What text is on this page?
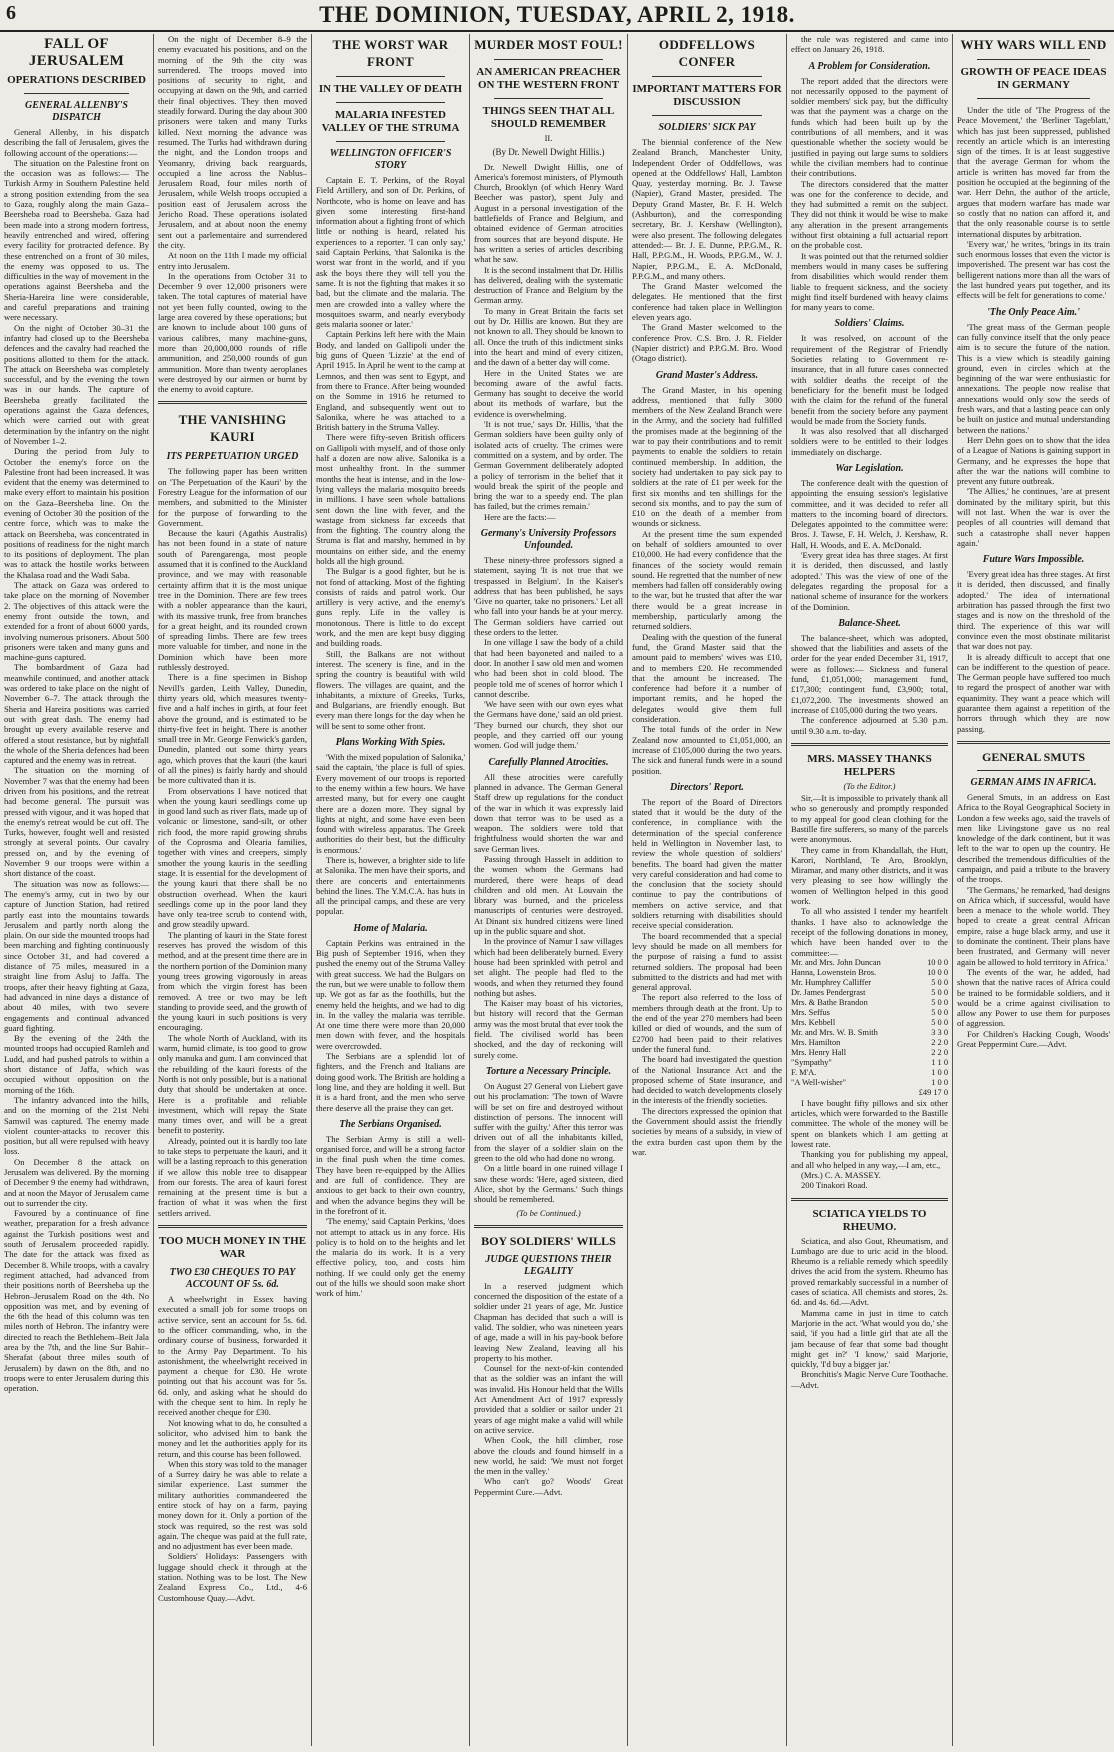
6	THE DOMINION, TUESDAY, APRIL 2, 1918.
FALL OF JERUSALEM
OPERATIONS DESCRIBED
GENERAL ALLENBY'S DISPATCH

General Allenby, in his dispatch describing the fall of Jerusalem, gives the following account of the operations:—

The situation on the Palestine front on the occasion was as follows:— The Turkish Army in Southern Palestine held a strong position extending from the sea to Gaza, roughly along the main Gaza–Beersheba road to Beersheba. Gaza had been made into a strong modern fortress, heavily entrenched and wired, offering every facility for protracted defence. By these entrenched on a front of 30 miles, the enemy was opposed to us. The difficulties in the way of movement in the operations against Beersheba and the Sheria-Hareira line were considerable, and careful preparations and training were necessary.

On the night of October 30–31 the infantry had closed up to the Beersheba defences and the cavalry had reached the positions allotted to them for the attack. The attack on Beersheba was completely successful, and by the evening the town was in our hands. The capture of Beersheba greatly facilitated the operations against the Gaza defences, which were carried out with great determination by the infantry on the night of November 1–2.

During the period from July to October the enemy's force on the Palestine front had been increased. It was evident that the enemy was determined to make every effort to maintain his position on the Gaza–Beersheba line. On the evening of October 30 the position of the centre force, which was to make the attack on Beersheba, was concentrated in positions of readiness for the night march to its positions of deployment. The plan was to attack the hostile works between the Khalasa road and the Wadi Saba.

The attack on Gaza was ordered to take place on the morning of November 2. The objectives of this attack were the enemy front outside the town, and extended for a front of about 6000 yards, involving numerous prisoners. About 500 prisoners were taken and many guns and machine-guns captured.

The bombardment of Gaza had meanwhile continued, and another attack was ordered to take place on the night of November 6–7. The attack through the Sheria and Hareira positions was carried out with great dash. The enemy had brought up every available reserve and offered a stout resistance, but by nightfall the whole of the Sheria defences had been captured and the enemy was in retreat.

The situation on the morning of November 7 was that the enemy had been driven from his positions, and the retreat had become general. The pursuit was pressed with vigour, and it was hoped that the enemy's retreat would be cut off. The Turks, however, fought well and resisted strongly at several points. Our cavalry pressed on, and by the evening of November 9 our troops were within a short distance of the coast.

The situation was now as follows:— The enemy's army, cut in two by our capture of Junction Station, had retired partly east into the mountains towards Jerusalem and partly north along the plain. On our side the mounted troops had been marching and fighting continuously since October 31, and had covered a distance of 75 miles, measured in a straight line from Asluj to Jaffa. The troops, after their heavy fighting at Gaza, had advanced in nine days a distance of about 40 miles, with two severe engagements and continual advanced guard fighting.

By the evening of the 24th the mounted troops had occupied Ramleh and Ludd, and had pushed patrols to within a short distance of Jaffa, which was occupied without opposition on the morning of the 16th.

The infantry advanced into the hills, and on the morning of the 21st Nebi Samwil was captured. The enemy made violent counter-attacks to recover this position, but all were repulsed with heavy loss.

On December 8 the attack on Jerusalem was delivered. By the morning of December 9 the enemy had withdrawn, and at noon the Mayor of Jerusalem came out to surrender the city.

Favoured by a continuance of fine weather, preparation for a fresh advance against the Turkish positions west and south of Jerusalem proceeded rapidly. The date for the attack was fixed as December 8. While troops, with a cavalry regiment attached, had advanced from their positions north of Beersheba up the Hebron–Jerusalem Road on the 4th. No opposition was met, and by evening of the 6th the head of this column was ten miles north of Hebron. The infantry were directed to reach the Bethlehem–Beit Jala area by the 7th, and the line Sur Bahir–Sherafat (about three miles south of Jerusalem) by dawn on the 8th, and no troops were to enter Jerusalem during this operation.

On the night of December 8–9 the enemy evacuated his positions, and on the morning of the 9th the city was surrendered. The troops moved into positions of security to right, and occupying at dawn on the 9th, and carried their final objectives. They then moved steadily forward. During the day about 300 prisoners were taken and many Turks killed. Next morning the advance was resumed. The Turks had withdrawn during the night, and the London troops and Yeomanry, driving back rearguards, occupied a line across the Nablus–Jerusalem Road, four miles north of Jerusalem, while Welsh troops occupied a position east of Jerusalem across the Jericho Road. These operations isolated Jerusalem, and at about noon the enemy sent out a parlementaire and surrendered the city.

At noon on the 11th I made my official entry into Jerusalem.

In the operations from October 31 to December 9 over 12,000 prisoners were taken. The total captures of material have not yet been fully counted, owing to the large area covered by these operations; but are known to include about 100 guns of various calibres, many machine-guns, more than 20,000,000 rounds of rifle ammunition, and 250,000 rounds of gun ammunition. More than twenty aeroplanes were destroyed by our airmen or burnt by the enemy to avoid capture.

THE VANISHING KAURI
ITS PERPETUATION URGED

The following paper has been written on 'The Perpetuation of the Kauri' by the Forestry League for the information of our members, and submitted to the Minister for the purpose of forwarding to the Government.

Because the kauri (Agathis Australis) has not been found in a state of nature south of Parengarenga, most people assumed that it is confined to the Auckland province, and we may with reasonable certainty affirm that it is the most unique tree in the Dominion. There are few trees with a nobler appearance than the kauri, with its massive trunk, free from branches for a great height, and its rounded crown of spreading limbs. There are few trees more valuable for timber, and none in the Dominion which have been more ruthlessly destroyed.

There is a fine specimen in Bishop Nevill's garden, Leith Valley, Dunedin, thirty years old, which measures twenty-five and a half inches in girth, at four feet above the ground, and is estimated to be thirty-five feet in height. There is another small tree in Mr. George Fenwick's garden, Dunedin, planted out some thirty years ago, which proves that the kauri (the kauri of all the pines) is fairly hardy and should be more cultivated than it is.

From observations I have noticed that when the young kauri seedlings come up in good land such as river flats, made up of volcanic or limestone, sand-silt, or other rich food, the more rapid growing shrubs of the Coprosma and Olearia families, together with vines and creepers, simply smother the young kauris in the seedling stage. It is essential for the development of the young kauri that there shall be no obstruction overhead. When the kauri seedlings come up in the poor land they have only tea-tree scrub to contend with, and grow steadily upward.

The planting of kauri in the State forest reserves has proved the wisdom of this method, and at the present time there are in the northern portion of the Dominion many young trees growing vigorously in areas from which the virgin forest has been removed. A tree or two may be left standing to provide seed, and the growth of the young kauri in such positions is very encouraging.

The whole North of Auckland, with its warm, humid climate, is too good to grow only manuka and gum. I am convinced that the rebuilding of the kauri forests of the North is not only possible, but is a national duty that should be undertaken at once. Here is a profitable and reliable investment, which will repay the State many times over, and will be a great benefit to posterity.

Already, pointed out it is hardly too late to take steps to perpetuate the kauri, and it will be a lasting reproach to this generation if we allow this noble tree to disappear from our forests. The area of kauri forest remaining at the present time is but a fraction of what it was when the first settlers arrived.

TOO MUCH MONEY IN THE WAR
TWO £30 CHEQUES TO PAY ACCOUNT OF 5s. 6d.

A wheelwright in Essex having executed a small job for some troops on active service, sent an account for 5s. 6d. to the officer commanding, who, in the ordinary course of business, forwarded it to the Army Pay Department. To his astonishment, the wheelwright received in payment a cheque for £30. He wrote pointing out that his account was for 5s. 6d. only, and asking what he should do with the cheque sent to him. In reply he received another cheque for £30.

Not knowing what to do, he consulted a solicitor, who advised him to bank the money and let the authorities apply for its return, and this course has been followed.

When this story was told to the manager of a Surrey dairy he was able to relate a similar experience. Last summer the military authorities commandeered the entire stock of hay on a farm, paying money down for it. Only a portion of the stock was required, so the rest was sold again. The cheque was paid at the full rate, and no adjustment has ever been made.

Soldiers' Holidays: Passengers with luggage should check it through at the station. Nothing was to be lost. The New Zealand Express Co., Ltd., 4-6 Customhouse Quay.—Advt.

THE WORST WAR FRONT
IN THE VALLEY OF DEATH
MALARIA INFESTED VALLEY OF THE STRUMA
WELLINGTON OFFICER'S STORY

Captain E. T. Perkins, of the Royal Field Artillery, and son of Dr. Perkins, of Northcote, who is home on leave and has given some interesting first-hand information about a fighting front of which little or nothing is heard, related his experiences to a reporter. 'I can only say,' said Captain Perkins, 'that Salonika is the worst war front in the world, and if you ask the boys there they will tell you the same. It is not the fighting that makes it so bad, but the climate and the malaria. The men are crowded into a valley where the mosquitoes swarm, and nearly everybody gets malaria sooner or later.'

Captain Perkins left here with the Main Body, and landed on Gallipoli under the big guns of Queen 'Lizzie' at the end of April 1915. In April he went to the camp at Lemnos, and then was sent to Egypt, and from there to France. After being wounded on the Somme in 1916 he returned to England, and subsequently went out to Salonika, where he was attached to a British battery in the Struma Valley.

There were fifty-seven British officers on Gallipoli with myself, and of those only half a dozen are now alive. Salonika is a most unhealthy front. In the summer months the heat is intense, and in the low-lying valleys the malaria mosquito breeds in millions. I have seen whole battalions sent down the line with fever, and the wastage from sickness far exceeds that from the fighting. The country along the Struma is flat and marshy, hemmed in by mountains on either side, and the enemy holds all the high ground.

The Bulgar is a good fighter, but he is not fond of attacking. Most of the fighting consists of raids and patrol work. Our artillery is very active, and the enemy's guns reply. Life in the valley is monotonous. There is little to do except work, and the men are kept busy digging and building roads.

Still, the Balkans are not without interest. The scenery is fine, and in the spring the country is beautiful with wild flowers. The villages are quaint, and the inhabitants, a mixture of Greeks, Turks, and Bulgarians, are friendly enough. But every man there longs for the day when he will be sent to some other front.

Plans Working With Spies.

'With the mixed population of Salonika,' said the captain, 'the place is full of spies. Every movement of our troops is reported to the enemy within a few hours. We have arrested many, but for every one caught there are a dozen more. They signal by lights at night, and some have even been found with wireless apparatus. The Greek authorities do their best, but the difficulty is enormous.'

There is, however, a brighter side to life at Salonika. The men have their sports, and there are concerts and entertainments behind the lines. The Y.M.C.A. has huts in all the principal camps, and these are very popular.

Home of Malaria.

Captain Perkins was entrained in the Big push of September 1916, when they pushed the enemy out of the Struma Valley with great success. We had the Bulgars on the run, but we were unable to follow them up. We got as far as the foothills, but the enemy held the heights, and we had to dig in. In the valley the malaria was terrible. At one time there were more than 20,000 men down with fever, and the hospitals were overcrowded.

The Serbians are a splendid lot of fighters, and the French and Italians are doing good work. The British are holding a long line, and they are holding it well. But it is a hard front, and the men who serve there deserve all the praise they can get.

The Serbians Organised.

The Serbian Army is still a well-organised force, and will be a strong factor in the final push when the time comes. They have been re-equipped by the Allies and are full of confidence. They are anxious to get back to their own country, and when the advance begins they will be in the forefront of it.

'The enemy,' said Captain Perkins, 'does not attempt to attack us in any force. His policy is to hold on to the heights and let the malaria do its work. It is a very effective policy, too, and costs him nothing. If we could only get the enemy out of the hills we should soon make short work of him.'

MURDER MOST FOUL!
AN AMERICAN PREACHER ON THE WESTERN FRONT
THINGS SEEN THAT ALL SHOULD REMEMBER
II.
(By Dr. Newell Dwight Hillis.)

Dr. Newell Dwight Hillis, one of America's foremost ministers, of Plymouth Church, Brooklyn (of which Henry Ward Beecher was pastor), spent July and August in a personal investigation of the battlefields of France and Belgium, and obtained evidence of German atrocities from sources that are beyond dispute. He has written a series of articles describing what he saw.

It is the second instalment that Dr. Hillis has delivered, dealing with the systematic destruction of France and Belgium by the German army.

To many in Great Britain the facts set out by Dr. Hillis are known. But they are not known to all. They should be known to all. Once the truth of this indictment sinks into the heart and mind of every citizen, and the dawn of a better day will come.

Here in the United States we are becoming aware of the awful facts. Germany has sought to deceive the world about its methods of warfare, but the evidence is overwhelming.

'It is not true,' says Dr. Hillis, 'that the German soldiers have been guilty only of isolated acts of cruelty. The crimes were committed on a system, and by order. The German Government deliberately adopted a policy of terrorism in the belief that it would break the spirit of the people and bring the war to a speedy end. The plan has failed, but the crimes remain.'

Here are the facts:—

Germany's University Professors Unfounded.

These ninety-three professors signed a statement, saying 'It is not true that we trespassed in Belgium'. In the Kaiser's address that has been published, he says 'Give no quarter, take no prisoners.' Let all who fall into your hands be at your mercy. The German soldiers have carried out these orders to the letter.

In one village I saw the body of a child that had been bayoneted and nailed to a door. In another I saw old men and women who had been shot in cold blood. The people told me of scenes of horror which I cannot describe.

'We have seen with our own eyes what the Germans have done,' said an old priest. 'They burned our church, they shot our people, and they carried off our young women. God will judge them.'

Carefully Planned Atrocities.

All these atrocities were carefully planned in advance. The German General Staff drew up regulations for the conduct of the war in which it was expressly laid down that terror was to be used as a weapon. The soldiers were told that frightfulness would shorten the war and save German lives.

Passing through Hasselt in addition to the women whom the Germans had murdered, there were heaps of dead children and old men. At Louvain the library was burned, and the priceless manuscripts of centuries were destroyed. At Dinant six hundred citizens were lined up in the public square and shot.

In the province of Namur I saw villages which had been deliberately burned. Every house had been sprinkled with petrol and set alight. The people had fled to the woods, and when they returned they found nothing but ashes.

The Kaiser may boast of his victories, but history will record that the German army was the most brutal that ever took the field. The civilised world has been shocked, and the day of reckoning will surely come.

Torture a Necessary Principle.

On August 27 General von Liebert gave out his proclamation: 'The town of Wavre will be set on fire and destroyed without distinction of persons. The innocent will suffer with the guilty.' After this terror was driven out of all the inhabitants killed, from the slayer of a soldier slain on the green to the old who had done no wrong.

On a little board in one ruined village I saw these words: 'Here, aged sixteen, died Alice, shot by the Germans.' Such things should be remembered.

(To be Continued.)
BOY SOLDIERS' WILLS
JUDGE QUESTIONS THEIR LEGALITY

In a reserved judgment which concerned the disposition of the estate of a soldier under 21 years of age, Mr. Justice Chapman has decided that such a will is valid. The soldier, who was nineteen years of age, made a will in his pay-book before leaving New Zealand, leaving all his property to his mother.

Counsel for the next-of-kin contended that as the soldier was an infant the will was invalid. His Honour held that the Wills Act Amendment Act of 1917 expressly provided that a soldier or sailor under 21 years of age might make a valid will while on active service.

When Cook, the hill climber, rose above the clouds and found himself in a new world, he said: 'We must not forget the men in the valley.'

Who can't go? Woods' Great Peppermint Cure.—Advt.

ODDFELLOWS CONFER
IMPORTANT MATTERS FOR DISCUSSION
SOLDIERS' SICK PAY

The biennial conference of the New Zealand Branch, Manchester Unity, Independent Order of Oddfellows, was opened at the Oddfellows' Hall, Lambton Quay, yesterday morning. Br. J. Tawse (Napier), Grand Master, presided. The Deputy Grand Master, Br. F. H. Welch (Ashburton), and the corresponding secretary, Br. J. Kershaw (Wellington), were also present. The following delegates attended:— Br. J. E. Dunne, P.P.G.M., R. Hall, P.P.G.M., H. Woods, P.P.G.M., W. J. Napier, P.P.G.M., E. A. McDonald, P.P.G.M., and many others.

The Grand Master welcomed the delegates. He mentioned that the first conference had taken place in Wellington eleven years ago.

The Grand Master welcomed to the conference Prov. C.S. Bro. J. R. Fielder (Napier district) and P.P.G.M. Bro. Wood (Otago district).

Grand Master's Address.

The Grand Master, in his opening address, mentioned that fully 3000 members of the New Zealand Branch were in the Army, and the society had fulfilled the promises made at the beginning of the war to pay their contributions and to remit payments to enable the soldiers to retain continued membership. In addition, the society had undertaken to pay sick pay to soldiers at the rate of £1 per week for the first six months and ten shillings for the second six months, and to pay the sum of £10 on the death of a member from wounds or sickness.

At the present time the sum expended on behalf of soldiers amounted to over £10,000. He had every confidence that the finances of the society would remain sound. He regretted that the number of new members had fallen off considerably owing to the war, but he trusted that after the war there would be a great increase in membership, particularly among the returned soldiers.

Dealing with the question of the funeral fund, the Grand Master said that the amount paid to members' wives was £10, and to members £20. He recommended that the amount be increased. The conference had before it a number of important remits, and he hoped the delegates would give them full consideration.

The total funds of the order in New Zealand now amounted to £1,051,000, an increase of £105,000 during the two years. The sick and funeral funds were in a sound position.

Directors' Report.

The report of the Board of Directors stated that it would be the duty of the conference, in compliance with the determination of the special conference held in Wellington in November last, to review the whole question of soldiers' benefits. The board had given the matter very careful consideration and had come to the conclusion that the society should continue to pay the contributions of members on active service, and that soldiers returning with disabilities should receive special consideration.

The board recommended that a special levy should be made on all members for the purpose of raising a fund to assist returned soldiers. The proposal had been submitted to the districts and had met with general approval.

The report also referred to the loss of members through death at the front. Up to the end of the year 270 members had been killed or died of wounds, and the sum of £2700 had been paid to their relatives under the funeral fund.

The board had investigated the question of the National Insurance Act and the proposed scheme of State insurance, and had decided to watch developments closely in the interests of the friendly societies.

The directors expressed the opinion that the Government should assist the friendly societies by means of a subsidy, in view of the extra burden cast upon them by the war.

the rule was registered and came into effect on January 26, 1918.

A Problem for Consideration.

The report added that the directors were not necessarily opposed to the payment of soldier members' sick pay, but the difficulty was that the payment was a charge on the funds which had been built up by the contributions of all members, and it was questionable whether the society would be justified in paying out large sums to soldiers while the civilian members had to continue their contributions.

The directors considered that the matter was one for the conference to decide, and they had submitted a remit on the subject. They did not think it would be wise to make any alteration in the present arrangements without first obtaining a full actuarial report on the probable cost.

It was pointed out that the returned soldier members would in many cases be suffering from disabilities which would render them liable to frequent sickness, and the society might find itself burdened with heavy claims for many years to come.

Soldiers' Claims.

It was resolved, on account of the requirement of the Registrar of Friendly Societies relating to Government re-insurance, that in all future cases connected with soldier deaths the receipt of the beneficiary for the benefit must be lodged with the claim for the refund of the funeral benefit from the society before any payment would be made from the Society funds.

It was also resolved that all discharged soldiers were to be entitled to their lodges immediately on discharge.

War Legislation.

The conference dealt with the question of appointing the ensuing session's legislative committee, and it was decided to refer all matters to the incoming board of directors. Delegates appointed to the committee were: Bros. J. Tawse, F. H. Welch, J. Kershaw, R. Hall, H. Woods, and E. A. McDonald.

'Every great idea has three stages. At first it is derided, then discussed, and lastly adopted.' This was the view of one of the delegates regarding the proposal for a national scheme of insurance for the workers of the Dominion.

Balance-Sheet.

The balance-sheet, which was adopted, showed that the liabilities and assets of the order for the year ended December 31, 1917, were as follows:— Sickness and funeral fund, £1,051,000; management fund, £17,300; contingent fund, £3,900; total, £1,072,200. The investments showed an increase of £105,000 during the two years.

The conference adjourned at 5.30 p.m. until 9.30 a.m. to-day.

MRS. MASSEY THANKS HELPERS
(To the Editor.)

Sir,—It is impossible to privately thank all who so generously and promptly responded to my appeal for good clean clothing for the Bastille fire sufferers, so many of the parcels were anonymous.

They came in from Khandallah, the Hutt, Karori, Northland, Te Aro, Brooklyn, Miramar, and many other districts, and it was very pleasing to see how willingly the women of Wellington helped in this good work.

To all who assisted I tender my heartfelt thanks. I have also to acknowledge the receipt of the following donations in money, which have been handed over to the committee:—

Mr. and Mrs. John Duncan	10 0 0
Hanna, Lowenstein Bros.	10 0 0
Mr. Humphrey Calliffer	5 0 0
Dr. James Pendergrast	5 0 0
Mrs. & Bathe Brandon	5 0 0
Mrs. Seffus	5 0 0
Mrs. Kebbell	5 0 0
Mr. and Mrs. W. B. Smith	3 3 0
Mrs. Hamilton	2 2 0
Mrs. Henry Hall	2 2 0
"Sympathy"	1 1 0
F. M'A.	1 0 0
"A Well-wisher"	1 0 0
£49 17 0

I have bought fifty pillows and six other articles, which were forwarded to the Bastille committee. The whole of the money will be spent on blankets which I am getting at lowest rate.

Thanking you for publishing my appeal, and all who helped in any way,—I am, etc.,

(Mrs.) C. A. MASSEY.

200 Tinakori Road.

SCIATICA YIELDS TO RHEUMO.

Sciatica, and also Gout, Rheumatism, and Lumbago are due to uric acid in the blood. Rheumo is a reliable remedy which speedily drives the acid from the system. Rheumo has proved remarkably successful in a number of cases of sciatica. All chemists and stores, 2s. 6d. and 4s. 6d.—Advt.

Mamma came in just in time to catch Marjorie in the act. 'What would you do,' she said, 'if you had a little girl that ate all the jam because of fear that some bad thought might get in?' 'I know,' said Marjorie, quickly, 'I'd buy a bigger jar.'

Bronchitis's Magic Nerve Cure Toothache.—Advt.

WHY WARS WILL END
GROWTH OF PEACE IDEAS IN GERMANY

Under the title of 'The Progress of the Peace Movement,' the 'Berliner Tageblatt,' which has just been suppressed, published recently an article which is an interesting sign of the times. It is at least suggestive that the average German for whom the article is written has moved far from the position he occupied at the beginning of the war. Herr Dehn, the author of the article, argues that modern warfare has made war so costly that no nation can afford it, and that the only reasonable course is to settle international disputes by arbitration.

'Every war,' he writes, 'brings in its train such enormous losses that even the victor is impoverished. The present war has cost the belligerent nations more than all the wars of the last hundred years put together, and its effects will be felt for generations to come.'

'The Only Peace Aim.'

'The great mass of the German people can fully convince itself that the only peace aim is to secure the future of the nation. This is a view which is steadily gaining ground, even in circles which at the beginning of the war were enthusiastic for annexations. The people now realise that annexations would only sow the seeds of fresh wars, and that a lasting peace can only be built on justice and mutual understanding between the nations.'

Herr Dehn goes on to show that the idea of a League of Nations is gaining support in Germany, and he expresses the hope that after the war the nations will combine to prevent any future outbreak.

'The Allies,' he continues, 'are at present dominated by the military spirit, but this will not last. When the war is over the peoples of all countries will demand that such a catastrophe shall never happen again.'

Future Wars Impossible.

'Every great idea has three stages. At first it is derided, then discussed, and finally adopted.' The idea of international arbitration has passed through the first two stages and is now on the threshold of the third. The experience of this war will convince even the most obstinate militarist that war does not pay.

It is already difficult to accept that one can be indifferent to the question of peace. The German people have suffered too much to regard the prospect of another war with equanimity. They want a peace which will guarantee them against a repetition of the horrors through which they are now passing.

GENERAL SMUTS
GERMAN AIMS IN AFRICA.

General Smuts, in an address on East Africa to the Royal Geographical Society in London a few weeks ago, said the travels of men like Livingstone gave us no real knowledge of the dark continent, but it was left to the war to open up the country. He described the tremendous difficulties of the campaign, and paid a tribute to the bravery of the troops.

'The Germans,' he remarked, 'had designs on Africa which, if successful, would have been a menace to the whole world. They hoped to create a great central African empire, raise a huge black army, and use it to dominate the continent. Their plans have been frustrated, and Germany will never again be allowed to hold territory in Africa.'

The events of the war, he added, had shown that the native races of Africa could be trained to be formidable soldiers, and it would be a crime against civilisation to allow any Power to use them for purposes of aggression.

For Children's Hacking Cough, Woods' Great Peppermint Cure.—Advt.
